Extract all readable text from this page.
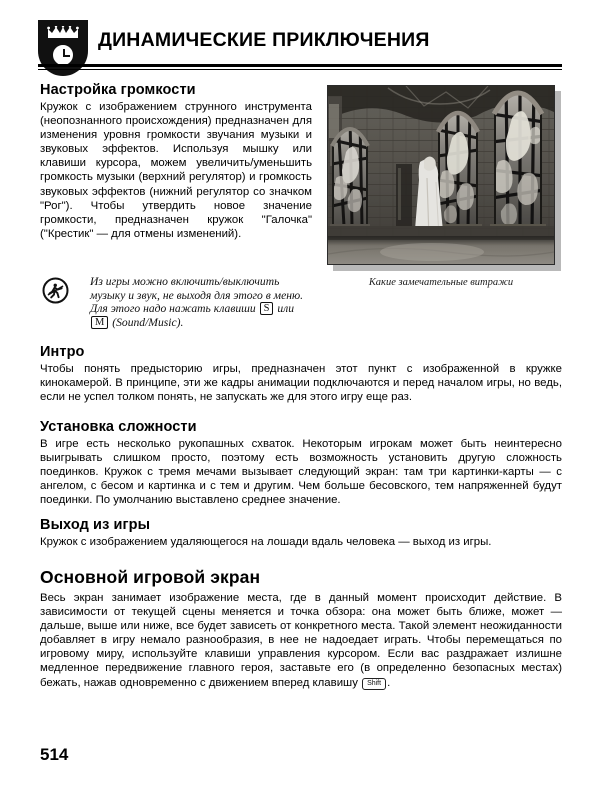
ДИНАМИЧЕСКИЕ ПРИКЛЮЧЕНИЯ
Какие замечательные витражи
Настройка громкости

Кружок с изображением струнного инструмента (неопознанного происхождения) предназначен для изменения уровня громкости звучания музыки и звуковых эффектов. Используя мышку или клавиши курсора, можем увеличить/уменьшить громкость музыки (верхний регулятор) и громкость звуковых эффектов (нижний регулятор со значком "Рог"). Чтобы утвердить новое значение громкости, предназначен кружок "Галочка" ("Крестик" — для отмены изменений).

Из игры можно включить/выключить музыку и звук, не выходя для этого в меню. Для этого надо нажать клавиши S или M (Sound/Music).
Интро

Чтобы понять предысторию игры, предназначен этот пункт с изображенной в кружке кинокамерой. В принципе, эти же кадры анимации подключаются и перед началом игры, но ведь, если не успел толком понять, не запускать же для этого игру еще раз.

Установка сложности

В игре есть несколько рукопашных схваток. Некоторым игрокам может быть неинтересно выигрывать слишком просто, поэтому есть возможность установить другую сложность поединков. Кружок с тремя мечами вызывает следующий экран: там три картинки-карты — с ангелом, с бесом и картинка и с тем и другим. Чем больше бесовского, тем напряженней будут поединки. По умолчанию выставлено среднее значение.

Выход из игры

Кружок с изображением удаляющегося на лошади вдаль человека — выход из игры.

Основной игровой экран

Весь экран занимает изображение места, где в данный момент происходит действие. В зависимости от текущей сцены меняется и точка обзора: она может быть ближе, может — дальше, выше или ниже, все будет зависеть от конкретного места. Такой элемент неожиданности добавляет в игру немало разнообразия, в нее не надоедает играть. Чтобы перемещаться по игровому миру, используйте клавиши управления курсором. Если вас раздражает излишне медленное передвижение главного героя, заставьте его (в определенно безопасных местах) бежать, нажав одновременно с движением вперед клавишу Shift .

514
